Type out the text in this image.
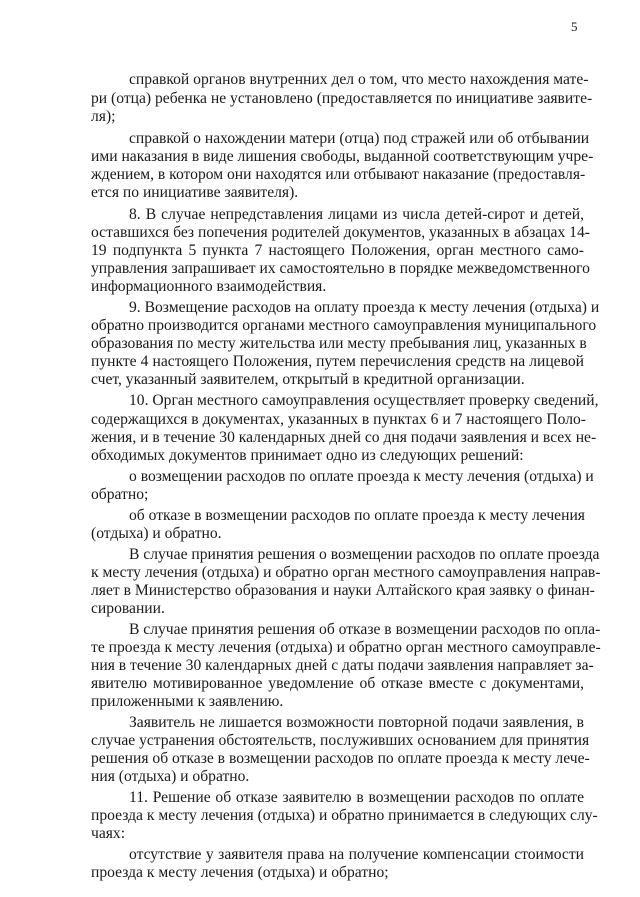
5
справкой органов внутренних дел о том, что место нахождения мате-
ри (отца) ребенка не установлено (предоставляется по инициативе заявите-
ля);
справкой о нахождении матери (отца) под стражей или об отбывании
ими наказания в виде лишения свободы, выданной соответствующим учре-
ждением, в котором они находятся или отбывают наказание (предоставля-
ется по инициативе заявителя).
8. В случае непредставления лицами из числа детей-сирот и детей,
оставшихся без попечения родителей документов, указанных в абзацах 14-
19 подпункта 5 пункта 7 настоящего Положения, орган местного само-
управления запрашивает их самостоятельно в порядке межведомственного
информационного взаимодействия.
9. Возмещение расходов на оплату проезда к месту лечения (отдыха) и
обратно производится органами местного самоуправления муниципального
образования по месту жительства или месту пребывания лиц, указанных в
пункте 4 настоящего Положения, путем перечисления средств на лицевой
счет, указанный заявителем, открытый в кредитной организации.
10. Орган местного самоуправления осуществляет проверку сведений,
содержащихся в документах, указанных в пунктах 6 и 7 настоящего Поло-
жения, и в течение 30 календарных дней со дня подачи заявления и всех не-
обходимых документов принимает одно из следующих решений:
о возмещении расходов по оплате проезда к месту лечения (отдыха) и
обратно;
об отказе в возмещении расходов по оплате проезда к месту лечения
(отдыха) и обратно.
В случае принятия решения о возмещении расходов по оплате проезда
к месту лечения (отдыха) и обратно орган местного самоуправления направ-
ляет в Министерство образования и науки Алтайского края заявку о финан-
сировании.
В случае принятия решения об отказе в возмещении расходов по опла-
те проезда к месту лечения (отдыха) и обратно орган местного самоуправле-
ния в течение 30 календарных дней с даты подачи заявления направляет за-
явителю мотивированное уведомление об отказе вместе с документами,
приложенными к заявлению.
Заявитель не лишается возможности повторной подачи заявления, в
случае устранения обстоятельств, послуживших основанием для принятия
решения об отказе в возмещении расходов по оплате проезда к месту лече-
ния (отдыха) и обратно.
11. Решение об отказе заявителю в возмещении расходов по оплате
проезда к месту лечения (отдыха) и обратно принимается в следующих слу-
чаях:
отсутствие у заявителя права на получение компенсации стоимости
проезда к месту лечения (отдыха) и обратно;
